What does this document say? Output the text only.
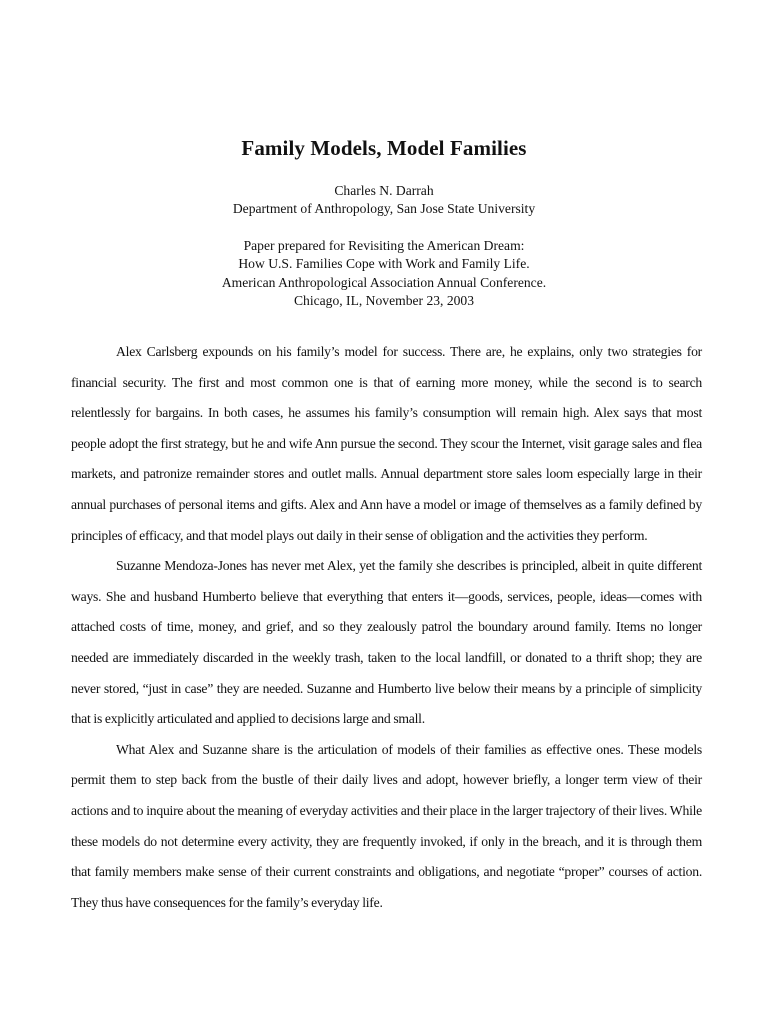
Family Models, Model Families
Charles N. Darrah
Department of Anthropology, San Jose State University
Paper prepared for Revisiting the American Dream:
How U.S. Families Cope with Work and Family Life.
American Anthropological Association Annual Conference.
Chicago, IL, November 23, 2003

Alex Carlsberg expounds on his family’s model for success. There are, he explains, only two strategies for financial security. The first and most common one is that of earning more money, while the second is to search relentlessly for bargains. In both cases, he assumes his family’s consumption will remain high. Alex says that most people adopt the first strategy, but he and wife Ann pursue the second. They scour the Internet, visit garage sales and flea markets, and patronize remainder stores and outlet malls. Annual department store sales loom especially large in their annual purchases of personal items and gifts. Alex and Ann have a model or image of themselves as a family defined by principles of efficacy, and that model plays out daily in their sense of obligation and the activities they perform.

Suzanne Mendoza-Jones has never met Alex, yet the family she describes is principled, albeit in quite different ways. She and husband Humberto believe that everything that enters it—goods, services, people, ideas—comes with attached costs of time, money, and grief, and so they zealously patrol the boundary around family. Items no longer needed are immediately discarded in the weekly trash, taken to the local landfill, or donated to a thrift shop; they are never stored, “just in case” they are needed. Suzanne and Humberto live below their means by a principle of simplicity that is explicitly articulated and applied to decisions large and small.

What Alex and Suzanne share is the articulation of models of their families as effective ones. These models permit them to step back from the bustle of their daily lives and adopt, however briefly, a longer term view of their actions and to inquire about the meaning of everyday activities and their place in the larger trajectory of their lives. While these models do not determine every activity, they are frequently invoked, if only in the breach, and it is through them that family members make sense of their current constraints and obligations, and negotiate “proper” courses of action. They thus have consequences for the family’s everyday life.
